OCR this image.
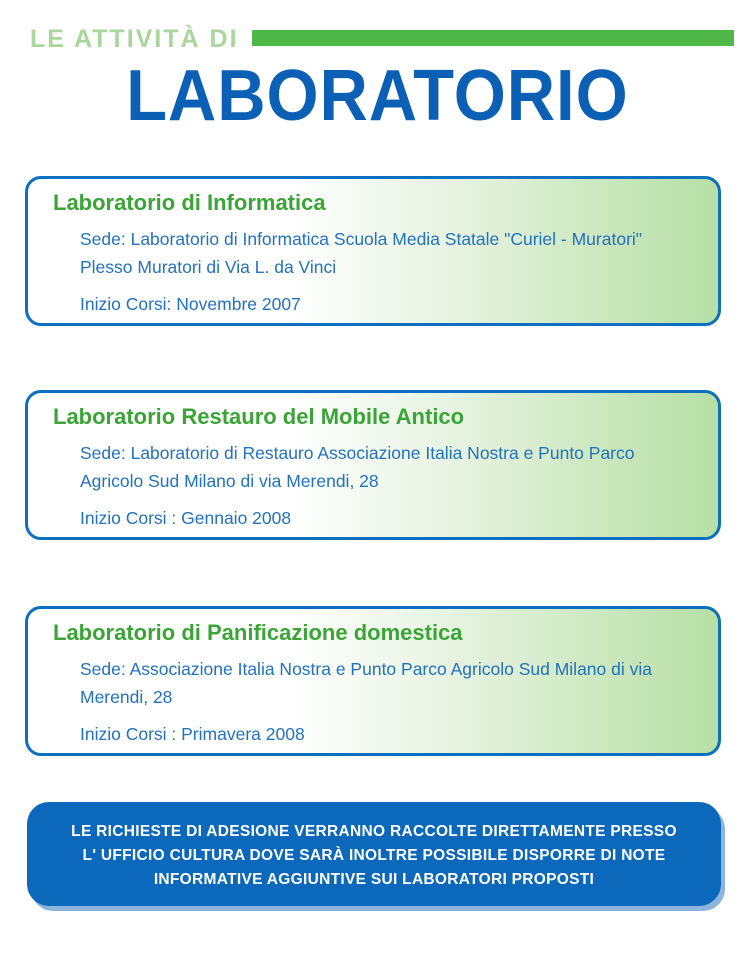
LE ATTIVITÀ DI
LABORATORIO
Laboratorio di Informatica
Sede: Laboratorio di Informatica Scuola Media Statale "Curiel - Muratori"
Plesso Muratori di Via L. da Vinci
Inizio Corsi: Novembre 2007
Laboratorio Restauro del Mobile Antico
Sede: Laboratorio di Restauro Associazione Italia Nostra e Punto Parco
Agricolo Sud Milano di via Merendi, 28
Inizio Corsi : Gennaio 2008
Laboratorio di Panificazione domestica
Sede: Associazione Italia Nostra e Punto Parco Agricolo Sud Milano di via
Merendi, 28
Inizio Corsi : Primavera 2008
LE RICHIESTE DI ADESIONE VERRANNO RACCOLTE DIRETTAMENTE PRESSO
L' UFFICIO CULTURA DOVE SARÀ INOLTRE POSSIBILE DISPORRE DI NOTE
INFORMATIVE AGGIUNTIVE SUI LABORATORI PROPOSTI
